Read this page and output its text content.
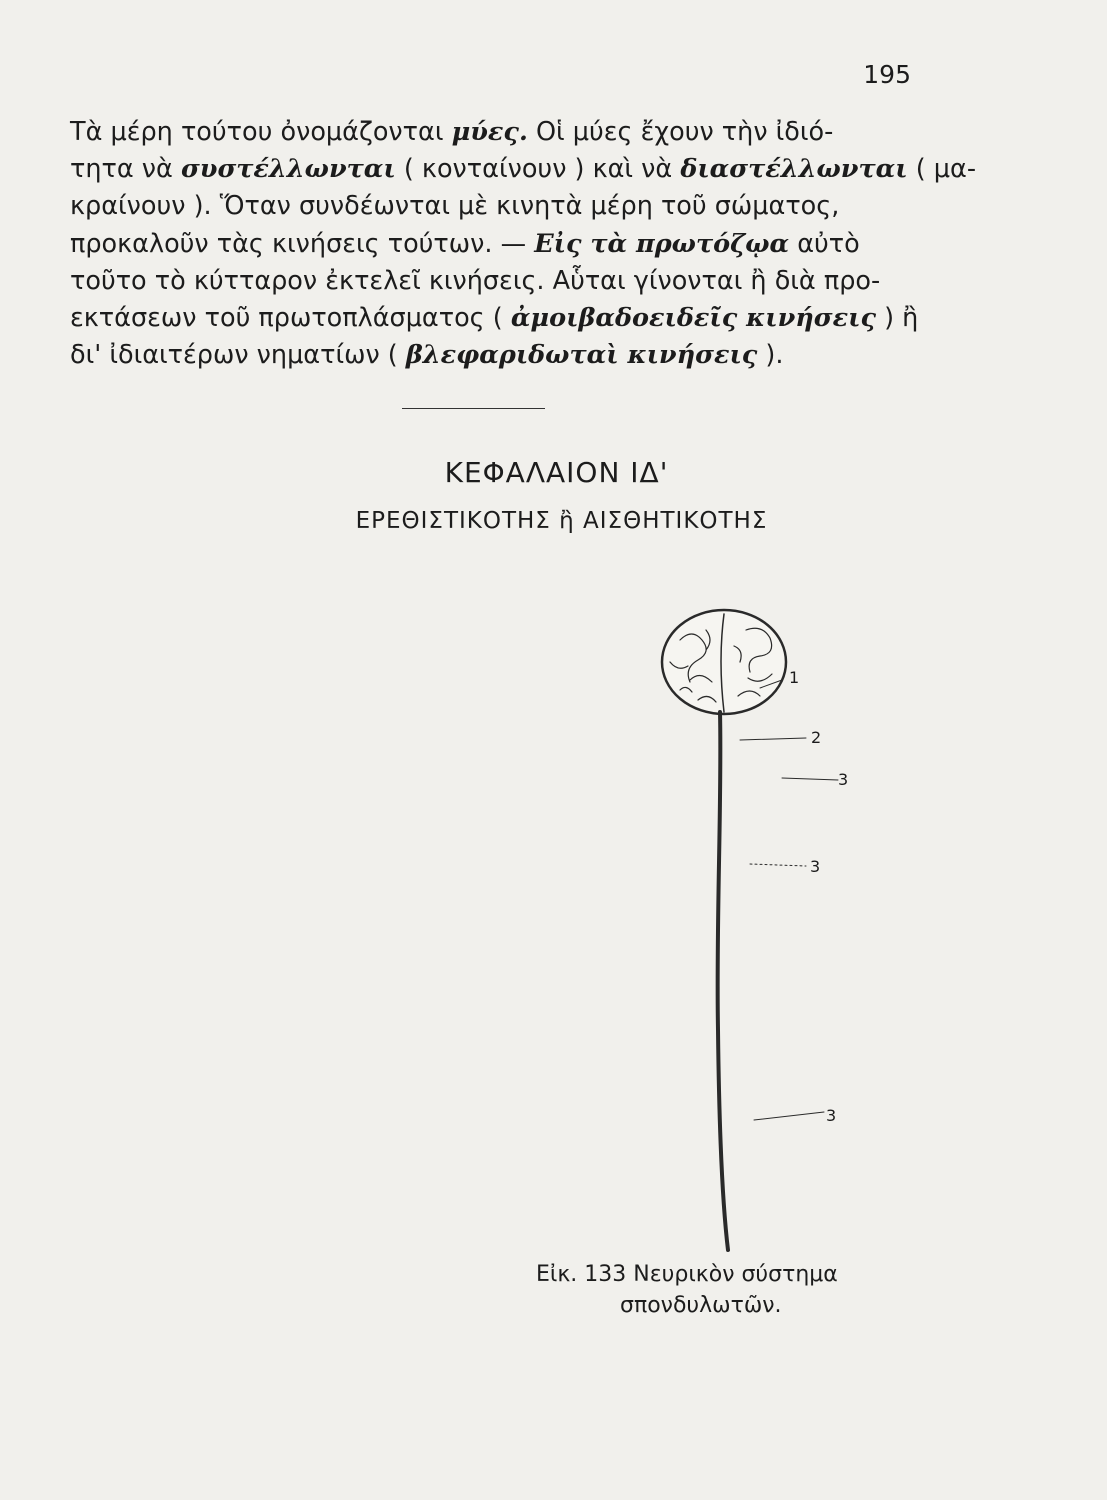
195
Τὰ μέρη τούτου ὀνομάζονται μύες. Οἱ μύες ἔχουν τὴν ἰδιό-
τητα νὰ συστέλλωνται ( κονταίνουν ) καὶ νὰ διαστέλλωνται ( μα-
κραίνουν ). Ὅταν συνδέωνται μὲ κινητὰ μέρη τοῦ σώματος,
προκαλοῦν τὰς κινήσεις τούτων. — Εἰς τὰ πρωτόζῳα αὐτὸ
τοῦτο τὸ κύτταρον ἐκτελεῖ κινήσεις. Αὗται γίνονται ἢ διὰ προ-
εκτάσεων τοῦ πρωτοπλάσματος ( ἀμοιβαδοειδεῖς κινήσεις ) ἢ
δι' ἰδιαιτέρων νηματίων ( βλεφαριδωταὶ κινήσεις ).
ΚΕΦΑΛΑΙΟΝ ΙΔ'
ΕΡΕΘΙΣΤΙΚΟΤΗΣ ἢ ΑΙΣΘΗΤΙΚΟΤΗΣ
1
2
3
3
3
Εἰκ. 133 Νευρικὸν σύστημα
σπονδυλωτῶν.
